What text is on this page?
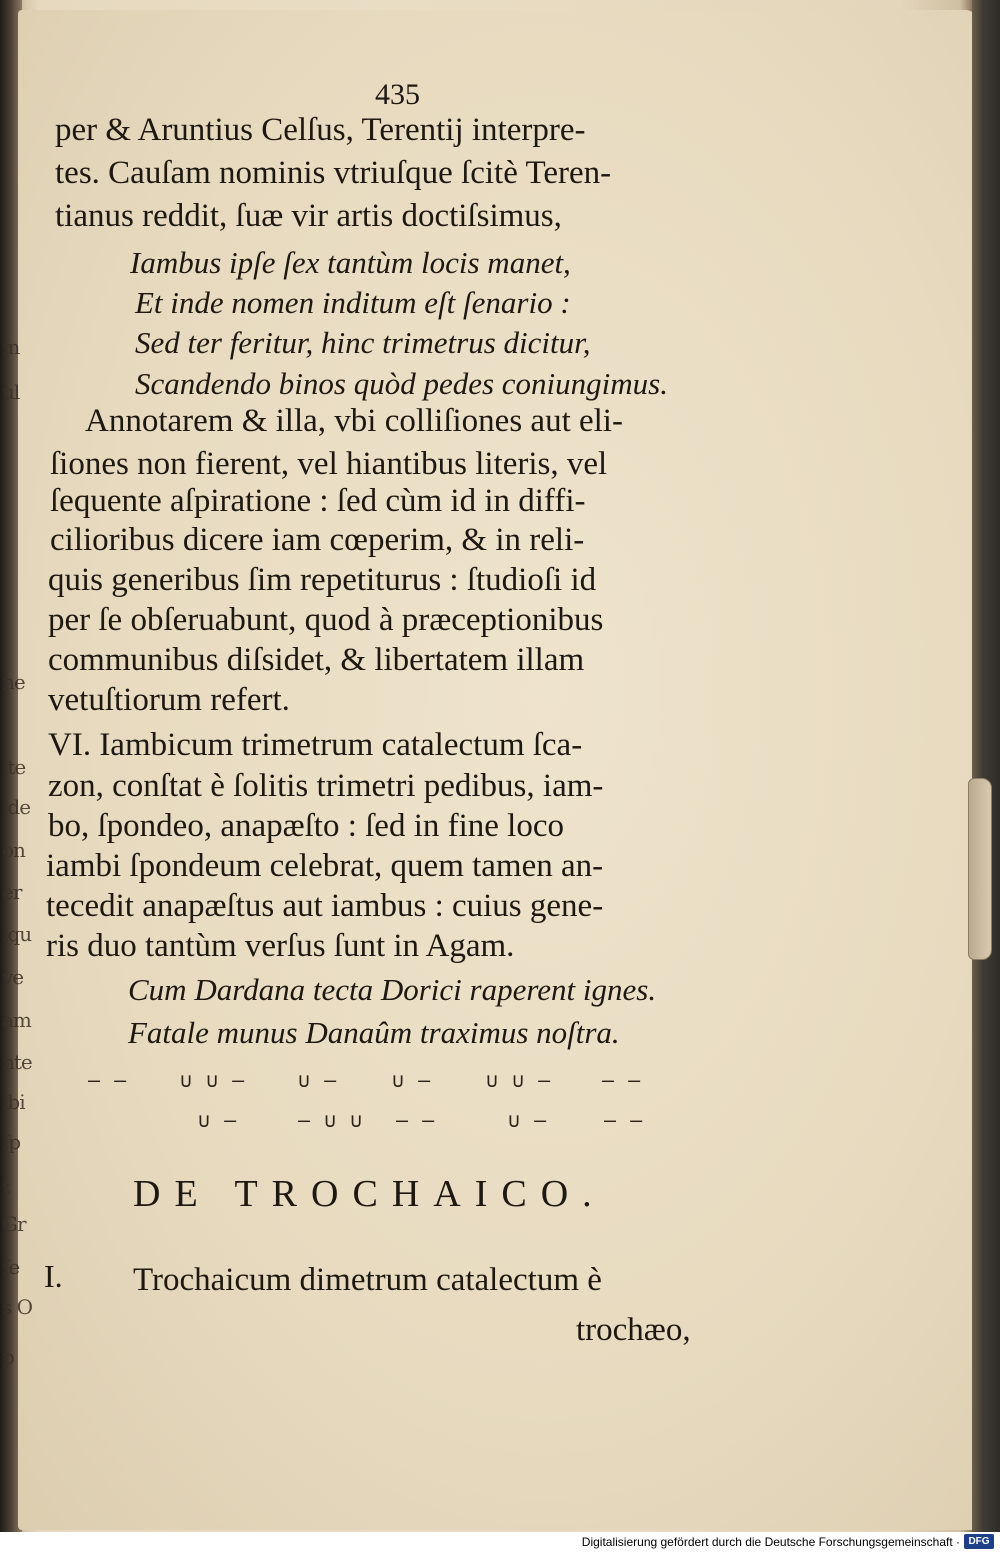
in
ul
ne
ite
ide
on
er
iqu
ve
am
nte
ibi
ſp
t
Gr
ſe
s O
p
435
per & Aruntius Celſus, Terentij interpre-
tes. Cauſam nominis vtriuſque ſcitè Teren-
tianus reddit, ſuæ vir artis doctiſsimus,
Iambus ipſe ſex tantùm locis manet,
Et inde nomen inditum eſt ſenario :
Sed ter feritur, hinc trimetrus dicitur,
Scandendo binos quòd pedes coniungimus.
Annotarem & illa, vbi colliſiones aut eli-
ſiones non fierent, vel hiantibus literis, vel
ſequente aſpiratione : ſed cùm id in diffi-
cilioribus dicere iam cœperim, & in reli-
quis generibus ſim repetiturus : ſtudioſi id
per ſe obſeruabunt, quod à præceptionibus
communibus diſsidet, & libertatem illam
vetuſtiorum refert.
VI. Iambicum trimetrum catalectum ſca-
zon, conſtat è ſolitis trimetri pedibus, iam-
bo, ſpondeo, anapæſto : ſed in fine loco
iambi ſpondeum celebrat, quem tamen an-
tecedit anapæſtus aut iambus : cuius gene-
ris duo tantùm verſus ſunt in Agam.
Cum Dardana tecta Dorici raperent ignes.
Fatale munus Danaûm traximus noſtra.
– –	∪ ∪ –	∪ –	∪ –	∪ ∪ –	– –
∪ –	– ∪ ∪ – –	∪ –	– –
DE TROCHAICO.
I. Trochaicum dimetrum catalectum è
trochæo,
Digitalisierung gefördert durch die Deutsche Forschungsgemeinschaft · DFG
